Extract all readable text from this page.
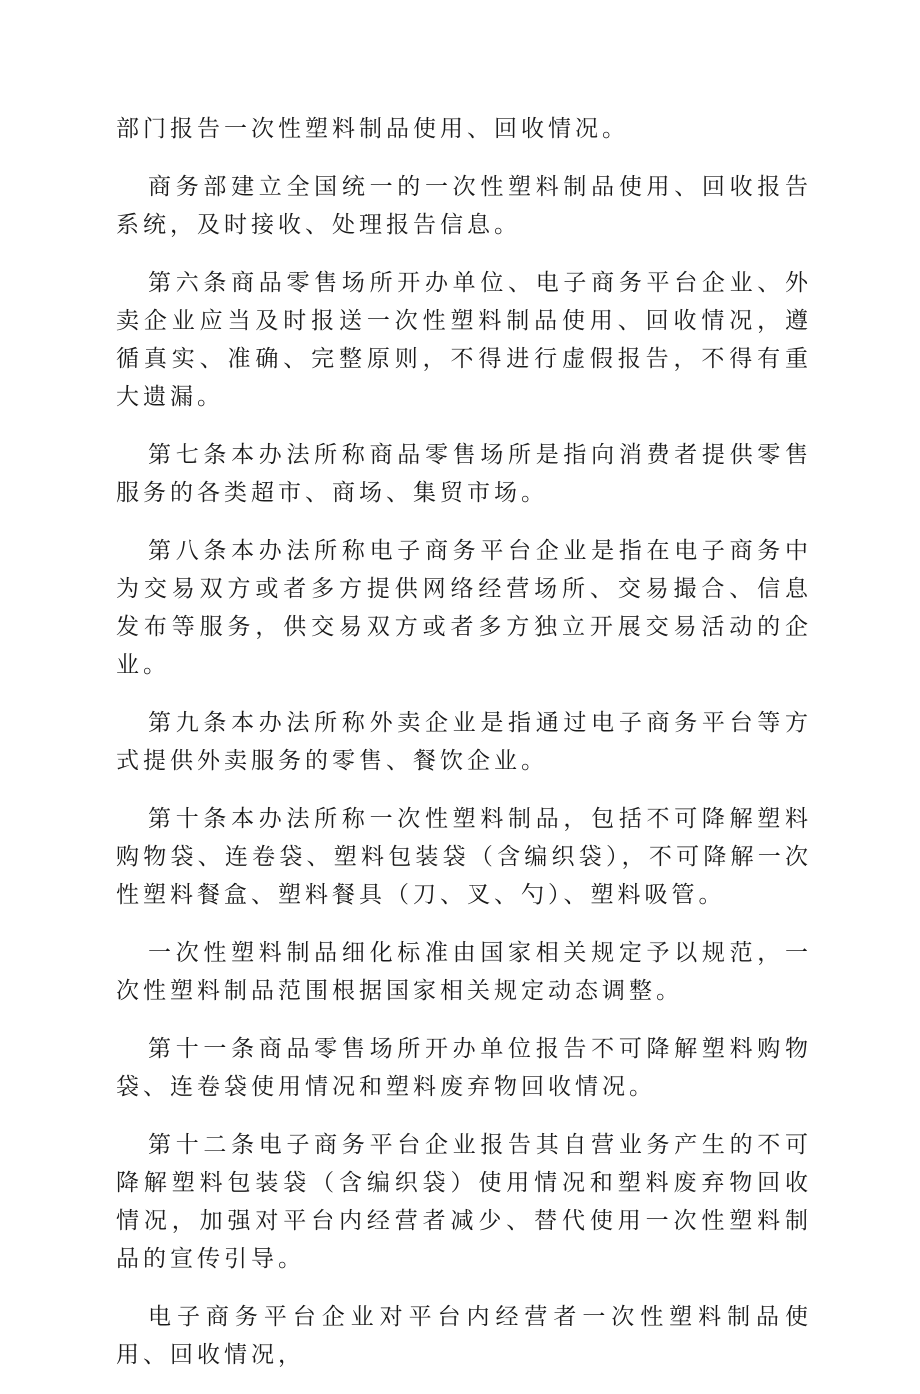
部门报告一次性塑料制品使用、回收情况。

商务部建立全国统一的一次性塑料制品使用、回收报告系统，及时接收、处理报告信息。

第六条商品零售场所开办单位、电子商务平台企业、外卖企业应当及时报送一次性塑料制品使用、回收情况，遵循真实、准确、完整原则，不得进行虚假报告，不得有重大遗漏。

第七条本办法所称商品零售场所是指向消费者提供零售服务的各类超市、商场、集贸市场。

第八条本办法所称电子商务平台企业是指在电子商务中为交易双方或者多方提供网络经营场所、交易撮合、信息发布等服务，供交易双方或者多方独立开展交易活动的企业。

第九条本办法所称外卖企业是指通过电子商务平台等方式提供外卖服务的零售、餐饮企业。

第十条本办法所称一次性塑料制品，包括不可降解塑料购物袋、连卷袋、塑料包装袋（含编织袋），不可降解一次性塑料餐盒、塑料餐具（刀、叉、勺）、塑料吸管。

一次性塑料制品细化标准由国家相关规定予以规范，一次性塑料制品范围根据国家相关规定动态调整。

第十一条商品零售场所开办单位报告不可降解塑料购物袋、连卷袋使用情况和塑料废弃物回收情况。

第十二条电子商务平台企业报告其自营业务产生的不可降解塑料包装袋（含编织袋）使用情况和塑料废弃物回收情况，加强对平台内经营者减少、替代使用一次性塑料制品的宣传引导。

电子商务平台企业对平台内经营者一次性塑料制品使用、回收情况，
